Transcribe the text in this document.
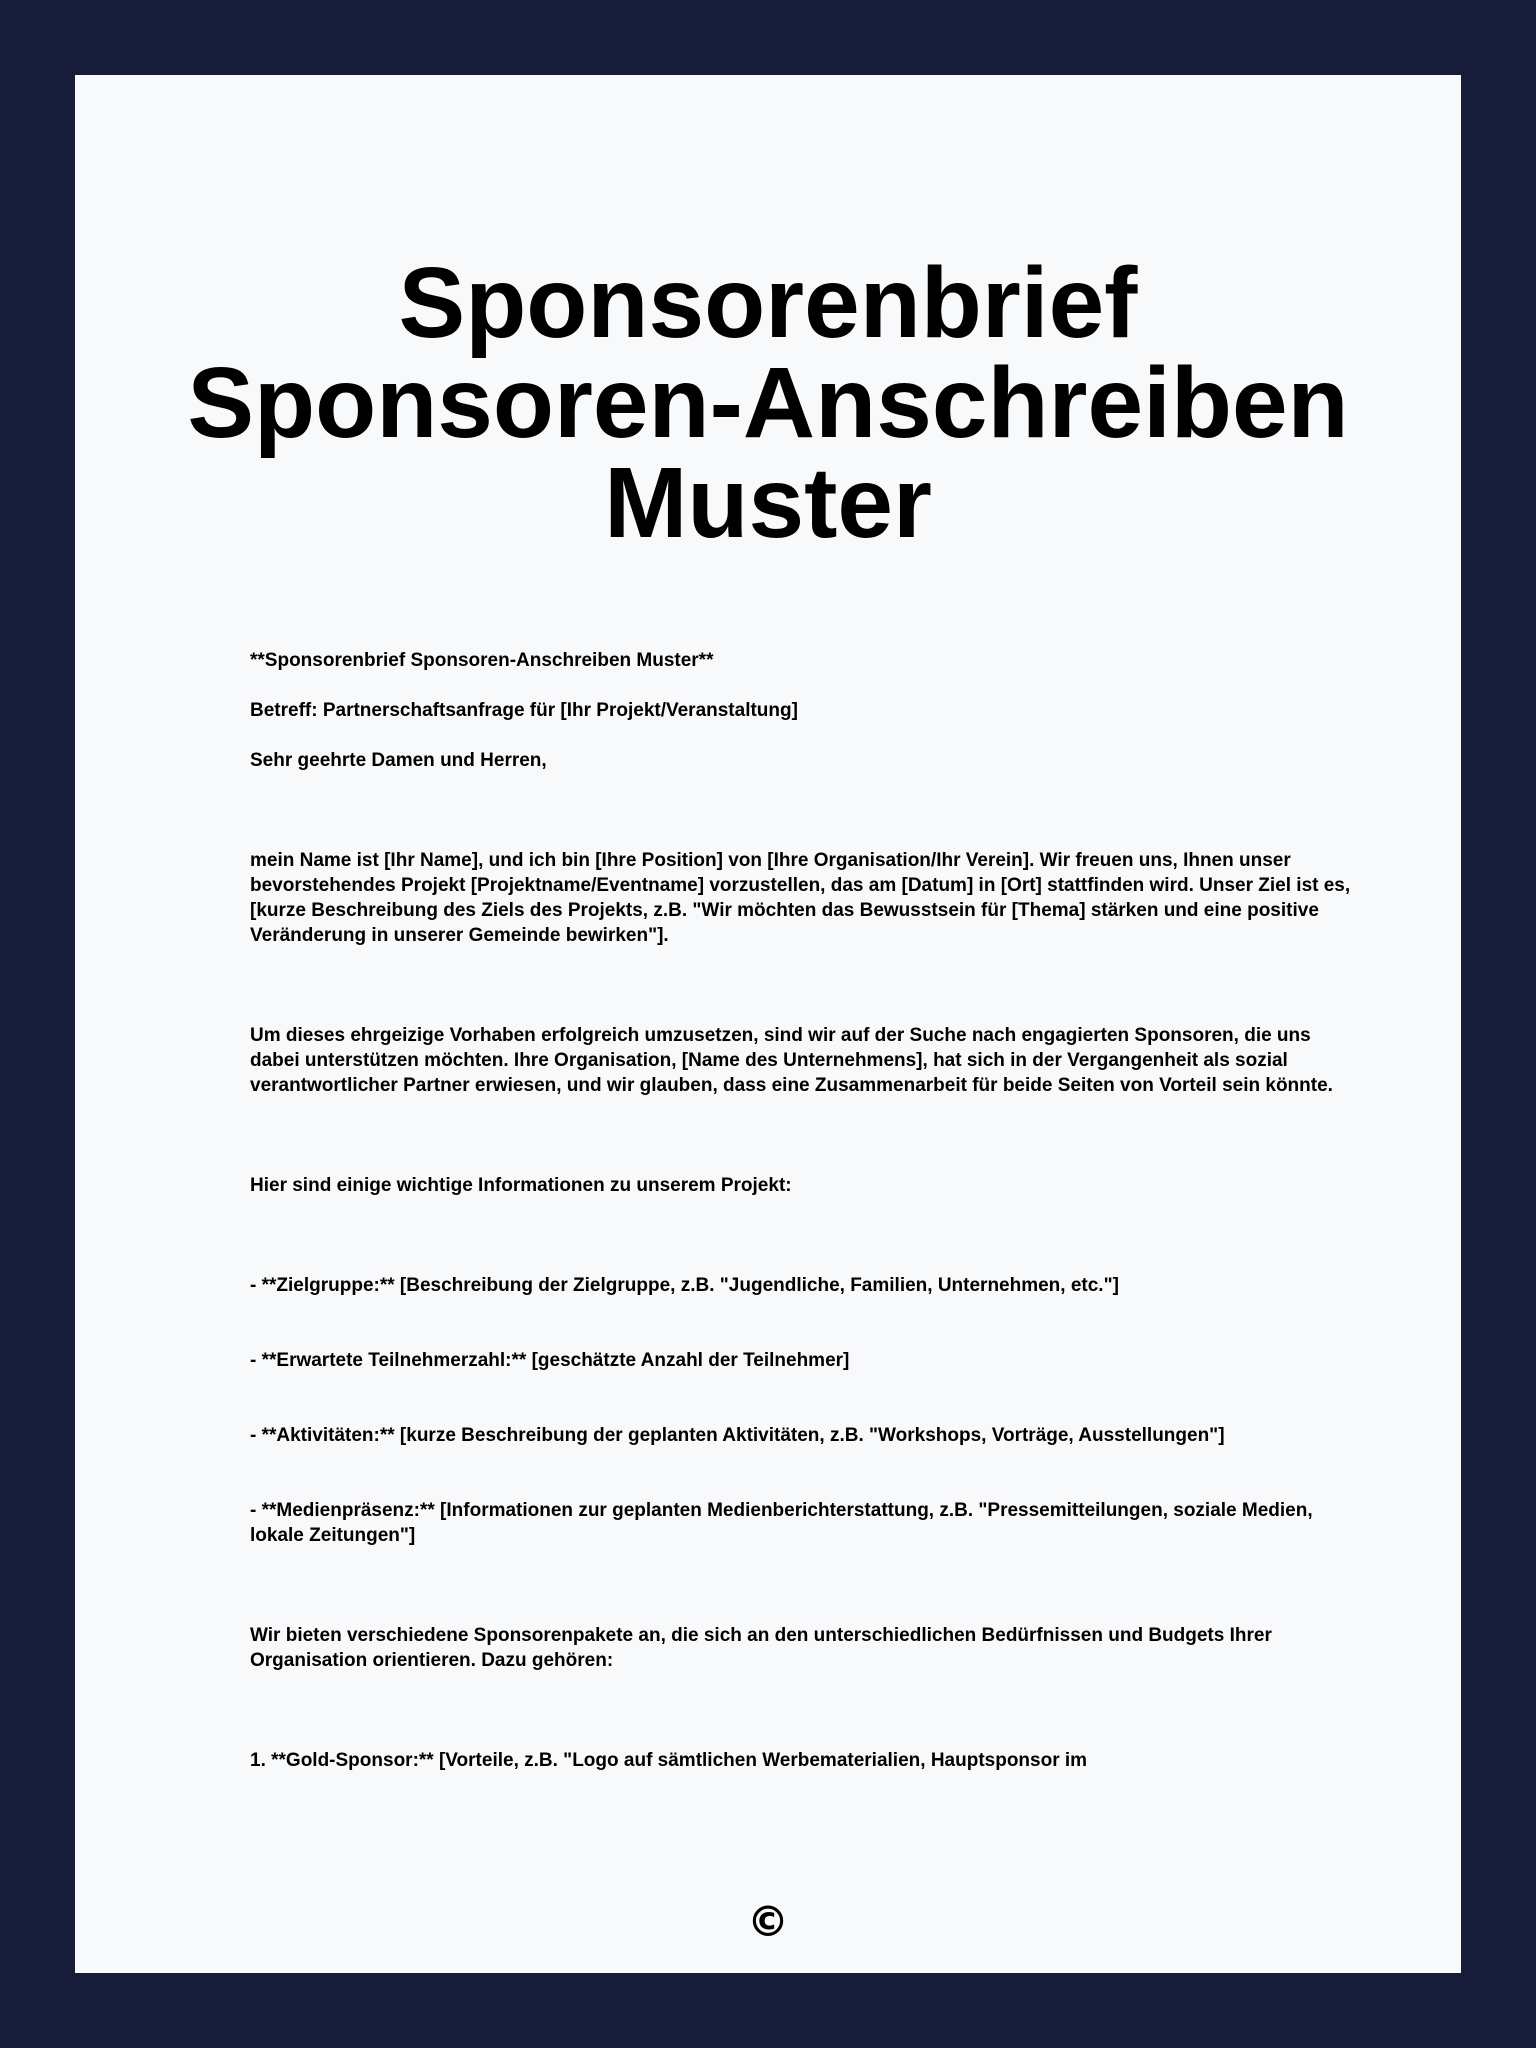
Sponsorenbrief
Sponsoren-Anschreiben
Muster

**Sponsorenbrief Sponsoren-Anschreiben Muster**

Betreff: Partnerschaftsanfrage für [Ihr Projekt/Veranstaltung]

Sehr geehrte Damen und Herren,

mein Name ist [Ihr Name], und ich bin [Ihre Position] von [Ihre Organisation/Ihr Verein]. Wir freuen uns, Ihnen unser bevorstehendes Projekt [Projektname/Eventname] vorzustellen, das am [Datum] in [Ort] stattfinden wird. Unser Ziel ist es, [kurze Beschreibung des Ziels des Projekts, z.B. "Wir möchten das Bewusstsein für [Thema] stärken und eine positive Veränderung in unserer Gemeinde bewirken"].

Um dieses ehrgeizige Vorhaben erfolgreich umzusetzen, sind wir auf der Suche nach engagierten Sponsoren, die uns dabei unterstützen möchten. Ihre Organisation, [Name des Unternehmens], hat sich in der Vergangenheit als sozial verantwortlicher Partner erwiesen, und wir glauben, dass eine Zusammenarbeit für beide Seiten von Vorteil sein könnte.

Hier sind einige wichtige Informationen zu unserem Projekt:

- **Zielgruppe:** [Beschreibung der Zielgruppe, z.B. "Jugendliche, Familien, Unternehmen, etc."]

- **Erwartete Teilnehmerzahl:** [geschätzte Anzahl der Teilnehmer]

- **Aktivitäten:** [kurze Beschreibung der geplanten Aktivitäten, z.B. "Workshops, Vorträge, Ausstellungen"]

- **Medienpräsenz:** [Informationen zur geplanten Medienberichterstattung, z.B. "Pressemitteilungen, soziale Medien, lokale Zeitungen"]

Wir bieten verschiedene Sponsorenpakete an, die sich an den unterschiedlichen Bedürfnissen und Budgets Ihrer Organisation orientieren. Dazu gehören:

1. **Gold-Sponsor:** [Vorteile, z.B. "Logo auf sämtlichen Werbematerialien, Hauptsponsor im

©
